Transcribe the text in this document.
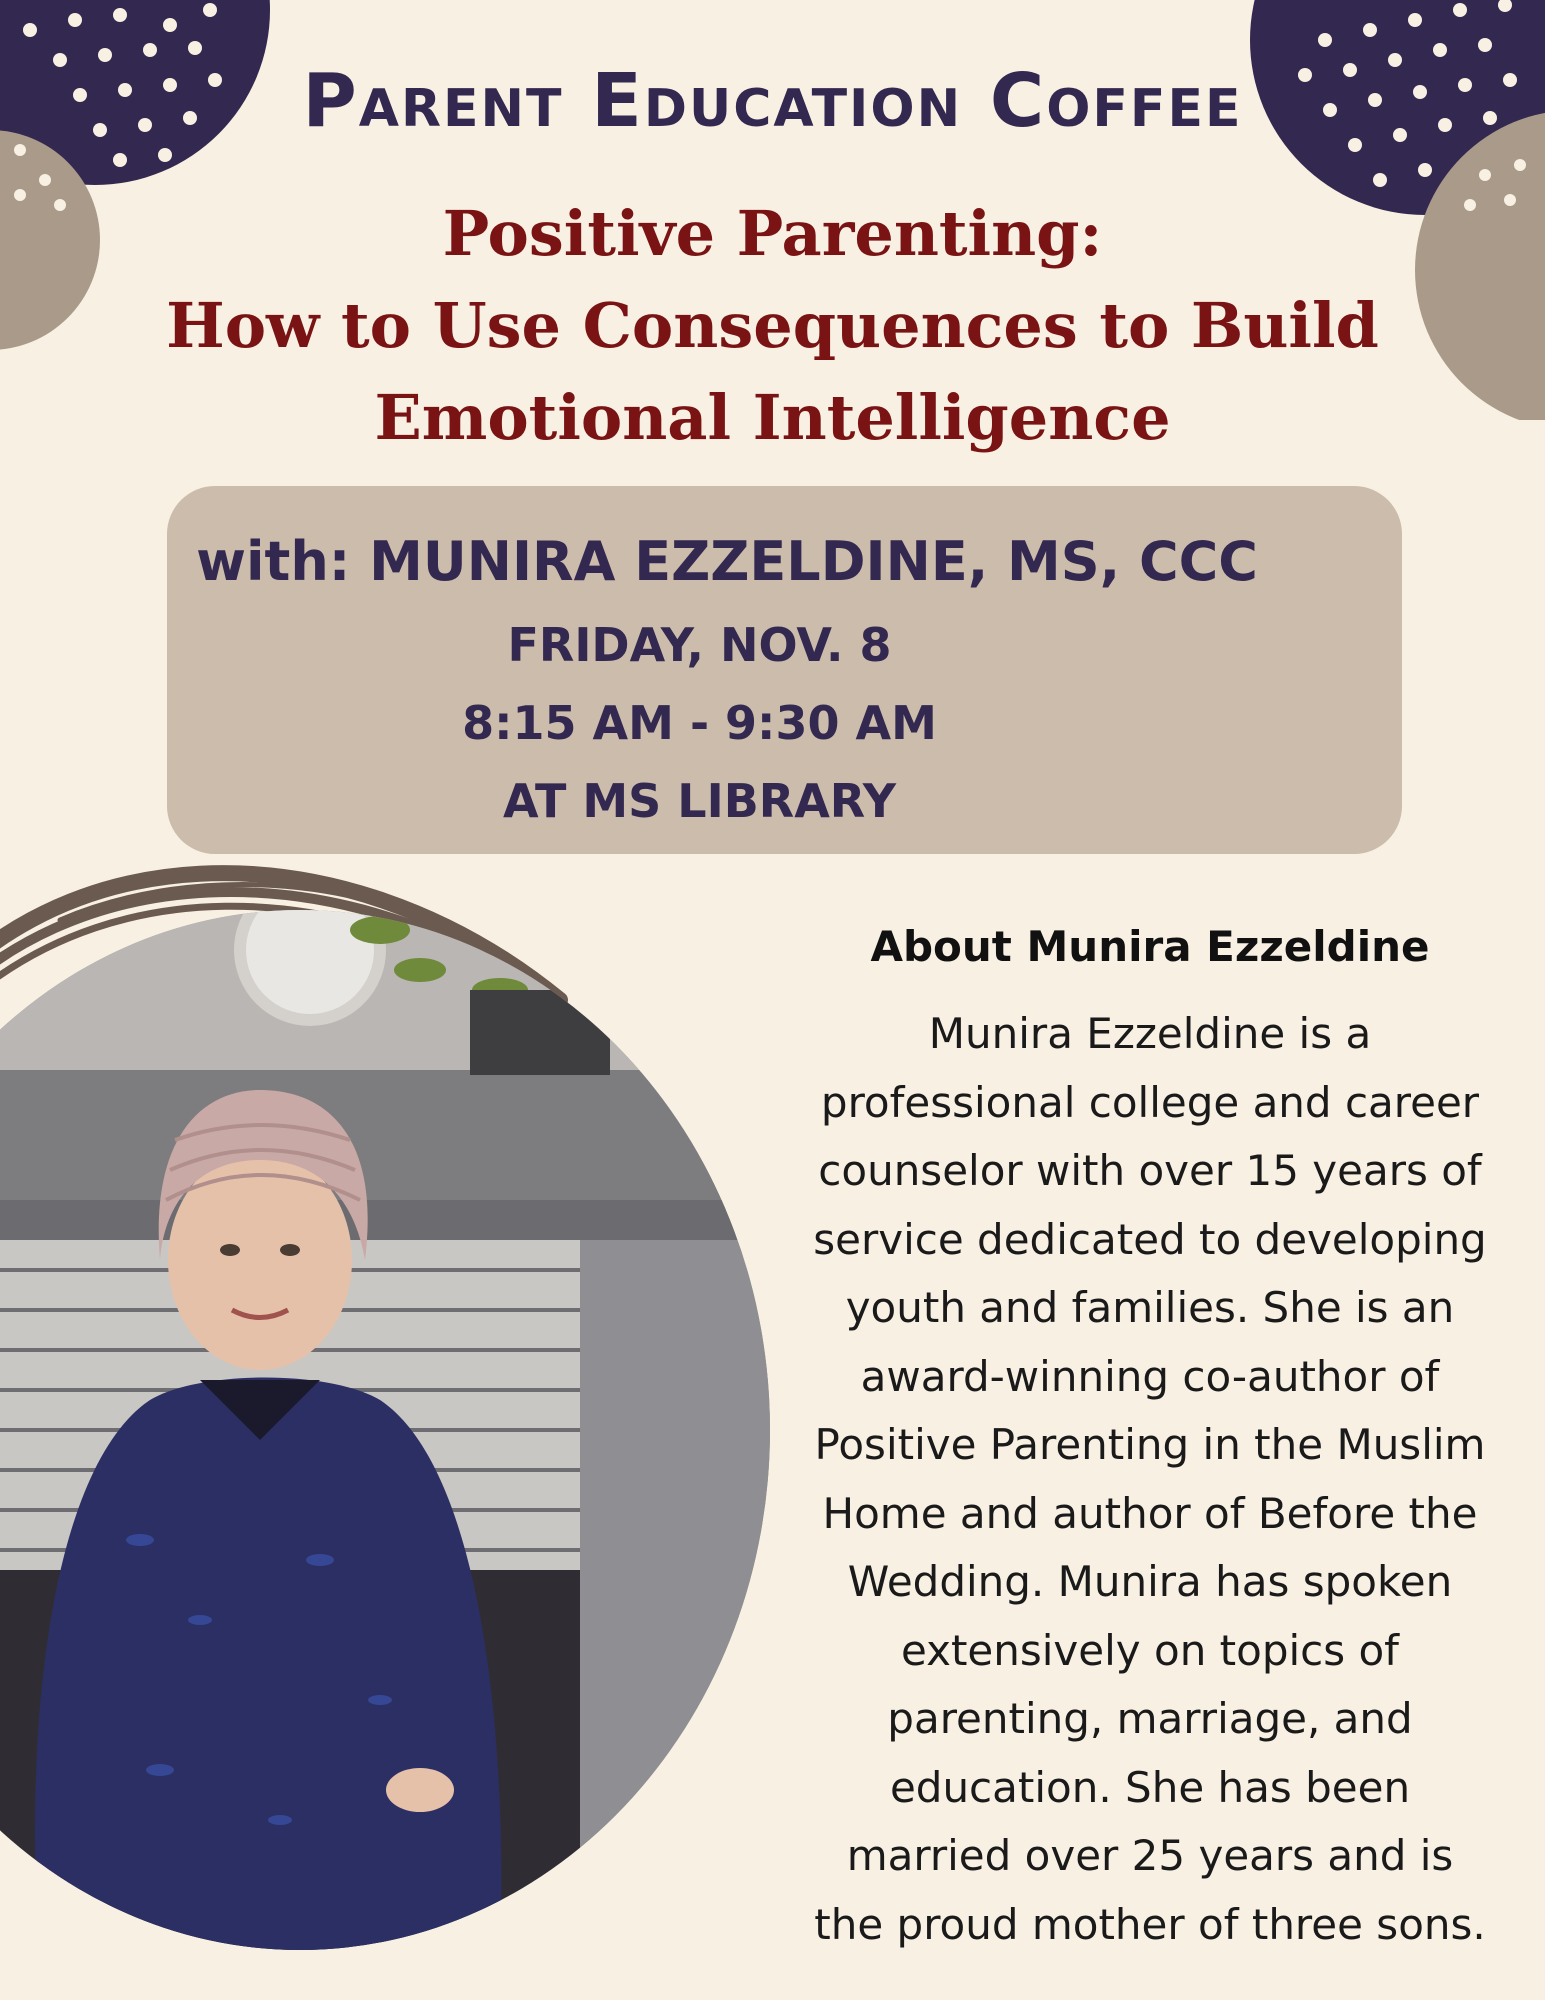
Parent Education Coffee
Positive Parenting:
How to Use Consequences to Build
Emotional Intelligence
with: MUNIRA EZZELDINE, MS, CCC
FRIDAY, NOV. 8
8:15 AM - 9:30 AM
AT MS LIBRARY
About Munira Ezzeldine
Munira Ezzeldine is a
professional college and career
counselor with over 15 years of
service dedicated to developing
youth and families. She is an
award-winning co-author of
Positive Parenting in the Muslim
Home and author of Before the
Wedding. Munira has spoken
extensively on topics of
parenting, marriage, and
education. She has been
married over 25 years and is
the proud mother of three sons.
